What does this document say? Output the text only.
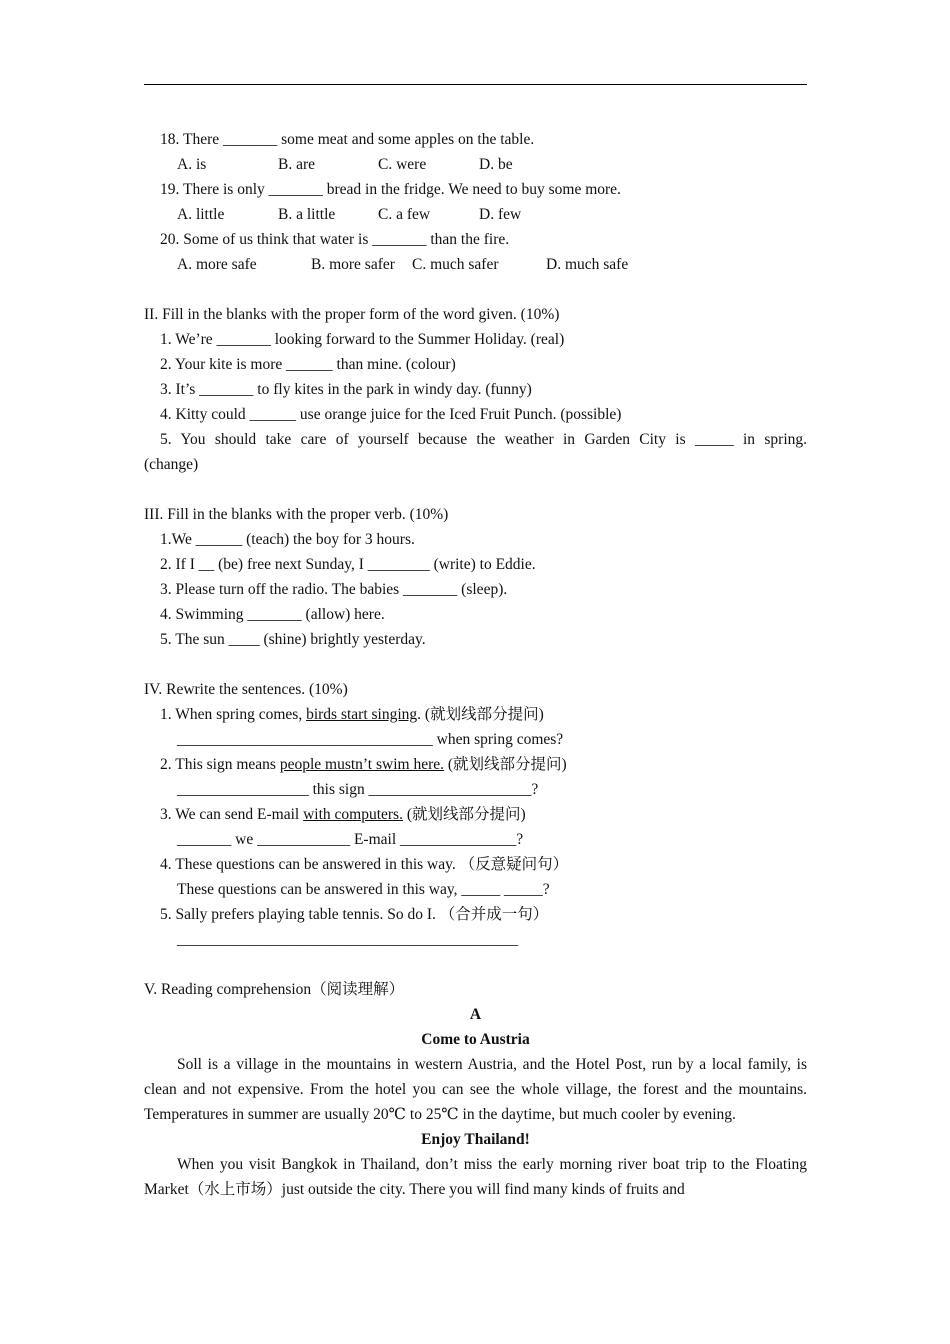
18. There _______ some meat and some apples on the table.
A. is	B. are	C. were	D. be
19. There is only _______ bread in the fridge. We need to buy some more.
A. little	B. a little	C. a few	D. few
20. Some of us think that water is _______ than the fire.
A. more safe	B. more safer C. much safer	D. much safe
II. Fill in the blanks with the proper form of the word given. (10%)
1. We’re _______ looking forward to the Summer Holiday. (real)
2. Your kite is more ______ than mine. (colour)
3. It’s _______ to fly kites in the park in windy day. (funny)
4. Kitty could ______ use orange juice for the Iced Fruit Punch. (possible)
5. You should take care of yourself because the weather in Garden City is _____ in spring.
(change)
III. Fill in the blanks with the proper verb. (10%)
1.We ______ (teach) the boy for 3 hours.
2. If I __ (be) free next Sunday, I ________ (write) to Eddie.
3. Please turn off the radio. The babies _______ (sleep).
4. Swimming _______ (allow) here.
5. The sun ____ (shine) brightly yesterday.
IV. Rewrite the sentences. (10%)
1. When spring comes, birds start singing. (就划线部分提问)
_________________________________ when spring comes?
2. This sign means people mustn’t swim here. (就划线部分提问)
_________________ this sign _____________________?
3. We can send E-mail with computers. (就划线部分提问)
_______ we ____________ E-mail _______________?
4. These questions can be answered in this way. （反意疑问句）
These questions can be answered in this way, _____ _____?
5. Sally prefers playing table tennis. So do I. （合并成一句）
____________________________________________
V. Reading comprehension（阅读理解）
A
Come to Austria
Soll is a village in the mountains in western Austria, and the Hotel Post, run by a local family, is clean and not expensive. From the hotel you can see the whole village, the forest and the mountains. Temperatures in summer are usually 20℃ to 25℃ in the daytime, but much cooler by evening.
Enjoy Thailand!
When you visit Bangkok in Thailand, don’t miss the early morning river boat trip to the Floating Market（水上市场）just outside the city. There you will find many kinds of fruits and
